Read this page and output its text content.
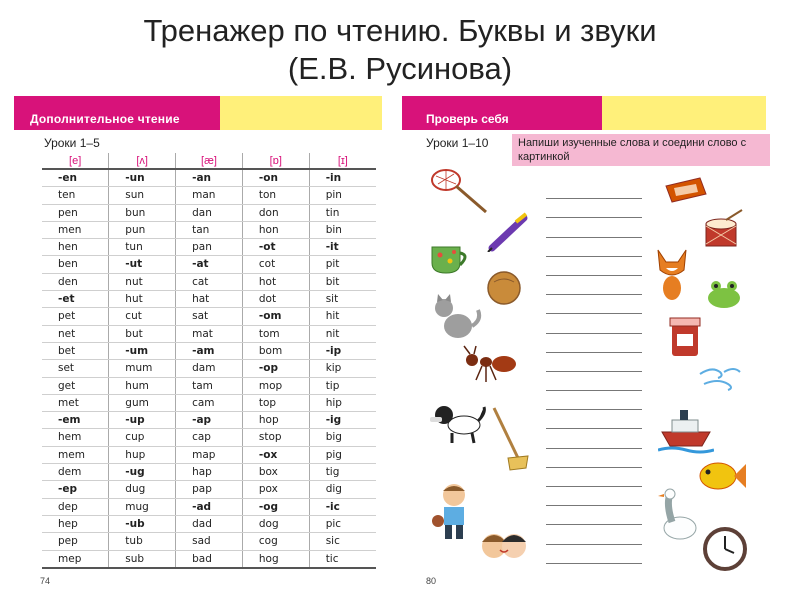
Тренажер по чтению. Буквы и звуки
(Е.В. Русинова)
Дополнительное чтение
Уроки 1–5
[e]	[ʌ]	[æ]	[ɒ]	[ɪ]
-en	-un	-an	-on	-in
ten	sun	man	ton	pin
pen	bun	dan	don	tin
men	pun	tan	hon	bin
hen	tun	pan	-ot	-it
ben	-ut	-at	cot	pit
den	nut	cat	hot	bit
-et	hut	hat	dot	sit
pet	cut	sat	-om	hit
net	but	mat	tom	nit
bet	-um	-am	bom	-ip
set	mum	dam	-op	kip
get	hum	tam	mop	tip
met	gum	cam	top	hip
-em	-up	-ap	hop	-ig
hem	cup	cap	stop	big
mem	hup	map	-ox	pig
dem	-ug	hap	box	tig
-ep	dug	pap	pox	dig
dep	mug	-ad	-og	-ic
hep	-ub	dad	dog	pic
pep	tub	sad	cog	sic
mep	sub	bad	hog	tic
74
Проверь себя
Уроки 1–10	Напиши изученные слова и соедини слово с картинкой
80
